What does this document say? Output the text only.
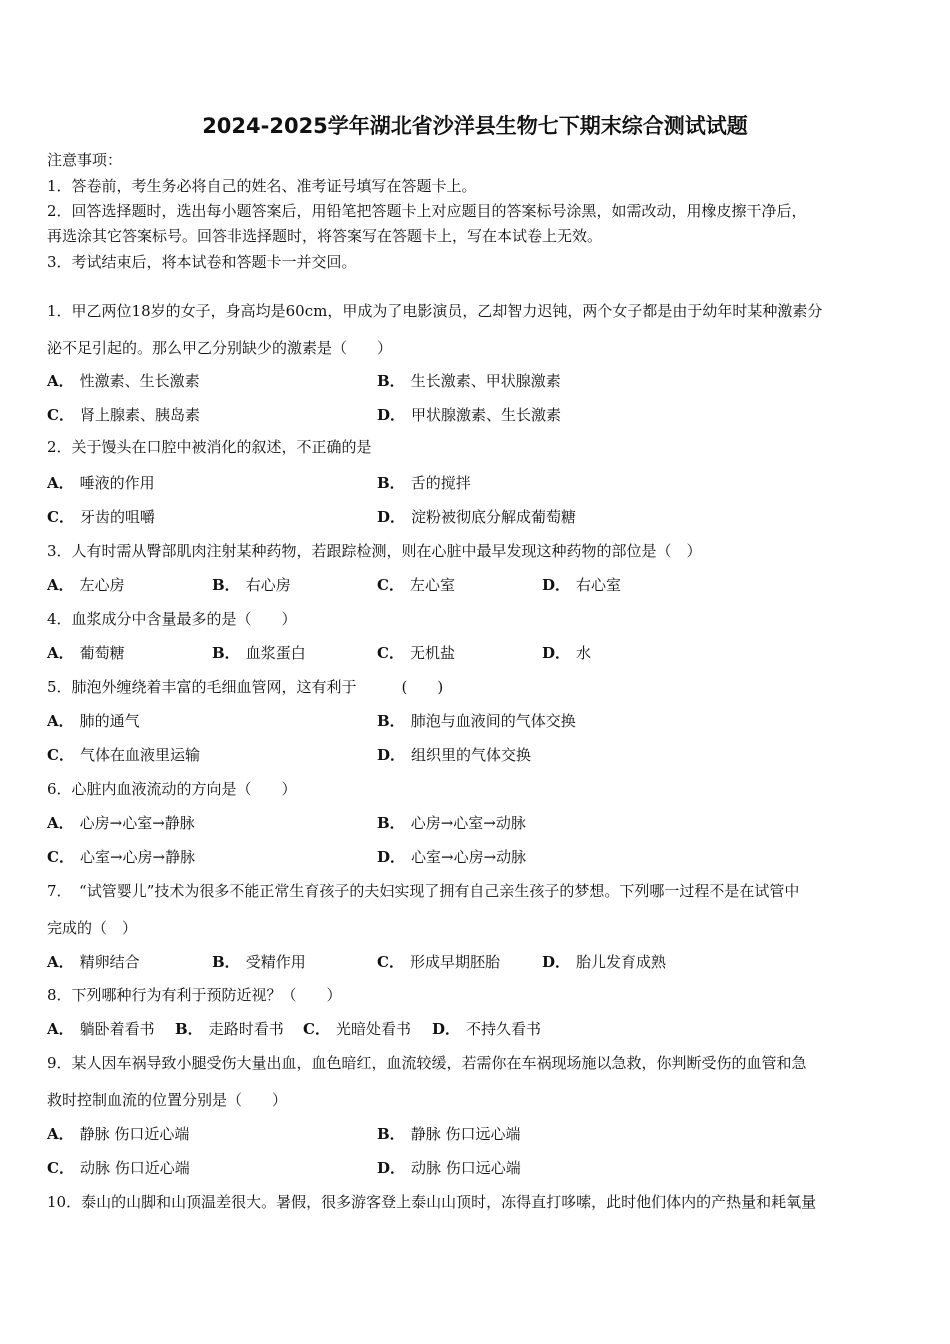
2024-2025学年湖北省沙洋县生物七下期末综合测试试题
注意事项：
1．答卷前，考生务必将自己的姓名、准考证号填写在答题卡上。
2．回答选择题时，选出每小题答案后，用铅笔把答题卡上对应题目的答案标号涂黑，如需改动，用橡皮擦干净后，
再选涂其它答案标号。回答非选择题时，将答案写在答题卡上，写在本试卷上无效。
3．考试结束后，将本试卷和答题卡一并交回。
1．甲乙两位18岁的女子，身高均是60cm，甲成为了电影演员，乙却智力迟钝，两个女子都是由于幼年时某种激素分
泌不足引起的。那么甲乙分别缺少的激素是（　　）
A． 性激素、生长激素	B． 生长激素、甲状腺激素
C． 肾上腺素、胰岛素	D． 甲状腺激素、生长激素
2．关于馒头在口腔中被消化的叙述，不正确的是
A． 唾液的作用	B． 舌的搅拌
C． 牙齿的咀嚼	D． 淀粉被彻底分解成葡萄糖
3．人有时需从臀部肌肉注射某种药物，若跟踪检测，则在心脏中最早发现这种药物的部位是（　）
A． 左心房	B． 右心房	C． 左心室	D． 右心室
4．血浆成分中含量最多的是（　　）
A． 葡萄糖	B． 血浆蛋白	C． 无机盐	D． 水
5．肺泡外缠绕着丰富的毛细血管网，这有利于　　　(　　)
A． 肺的通气	B． 肺泡与血液间的气体交换
C． 气体在血液里运输	D． 组织里的气体交换
6．心脏内血液流动的方向是（　　）
A． 心房→心室→静脉	B． 心房→心室→动脉
C． 心室→心房→静脉	D． 心室→心房→动脉
7．　“试管婴儿”技术为很多不能正常生育孩子的夫妇实现了拥有自己亲生孩子的梦想。下列哪一过程不是在试管中
完成的（　）
A． 精卵结合	B． 受精作用	C． 形成早期胚胎	D． 胎儿发育成熟
8．下列哪种行为有利于预防近视？（　　）
A． 躺卧着看书 B． 走路时看书 C． 光暗处看书 D． 不持久看书
9．某人因车祸导致小腿受伤大量出血，血色暗红，血流较缓，若需你在车祸现场施以急救，你判断受伤的血管和急
救时控制血流的位置分别是（　　）
A． 静脉 伤口近心端	B． 静脉 伤口远心端
C． 动脉 伤口近心端	D． 动脉 伤口远心端
10．泰山的山脚和山顶温差很大。暑假，很多游客登上泰山山顶时，冻得直打哆嗦，此时他们体内的产热量和耗氧量
